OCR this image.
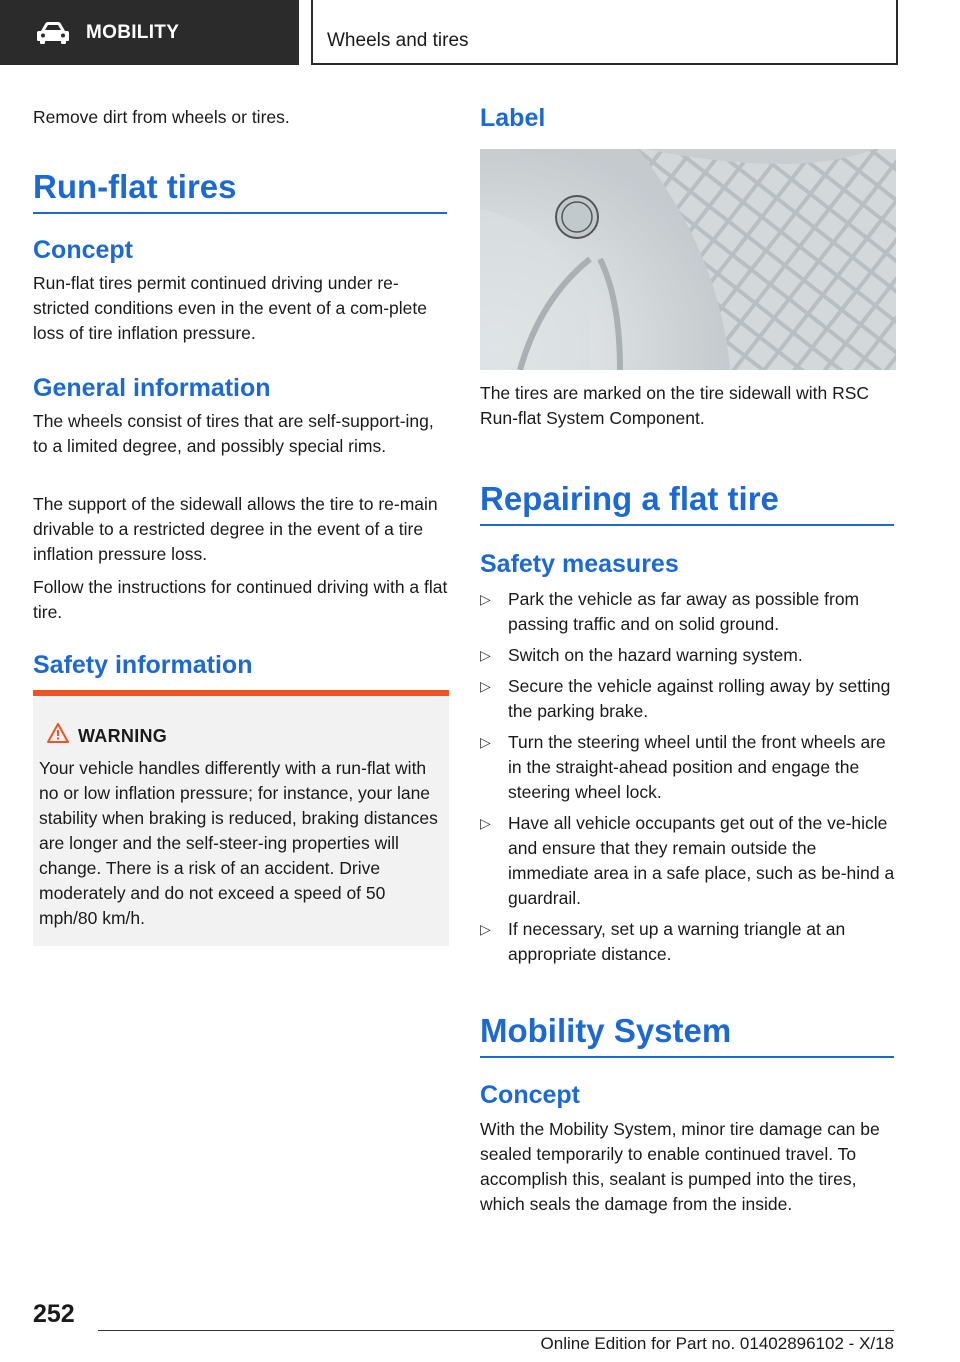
MOBILITY	Wheels and tires

Remove dirt from wheels or tires.

Run-flat tires
Concept

Run-flat tires permit continued driving under re‐stricted conditions even in the event of a com‐plete loss of tire inflation pressure.

General information

The wheels consist of tires that are self-support‐ing, to a limited degree, and possibly special rims.

The support of the sidewall allows the tire to re‐main drivable to a restricted degree in the event of a tire inflation pressure loss.

Follow the instructions for continued driving with a flat tire.

Safety information
WARNING
Your vehicle handles differently with a run-flat with no or low inflation pressure; for instance, your lane stability when braking is reduced, braking distances are longer and the self-steer‐ing properties will change. There is a risk of an accident. Drive moderately and do not exceed a speed of 50 mph/80 km/h.
Label

The tires are marked on the tire sidewall with RSC Run-flat System Component.

Repairing a flat tire
Safety measures
▷ Park the vehicle as far away as possible from passing traffic and on solid ground.
▷ Switch on the hazard warning system.
▷ Secure the vehicle against rolling away by setting the parking brake.
▷ Turn the steering wheel until the front wheels are in the straight-ahead position and engage the steering wheel lock.
▷ Have all vehicle occupants get out of the ve‐hicle and ensure that they remain outside the immediate area in a safe place, such as be‐hind a guardrail.
▷ If necessary, set up a warning triangle at an appropriate distance.
Mobility System
Concept

With the Mobility System, minor tire damage can be sealed temporarily to enable continued travel. To accomplish this, sealant is pumped into the tires, which seals the damage from the inside.

252
Online Edition for Part no. 01402896102 - X/18
